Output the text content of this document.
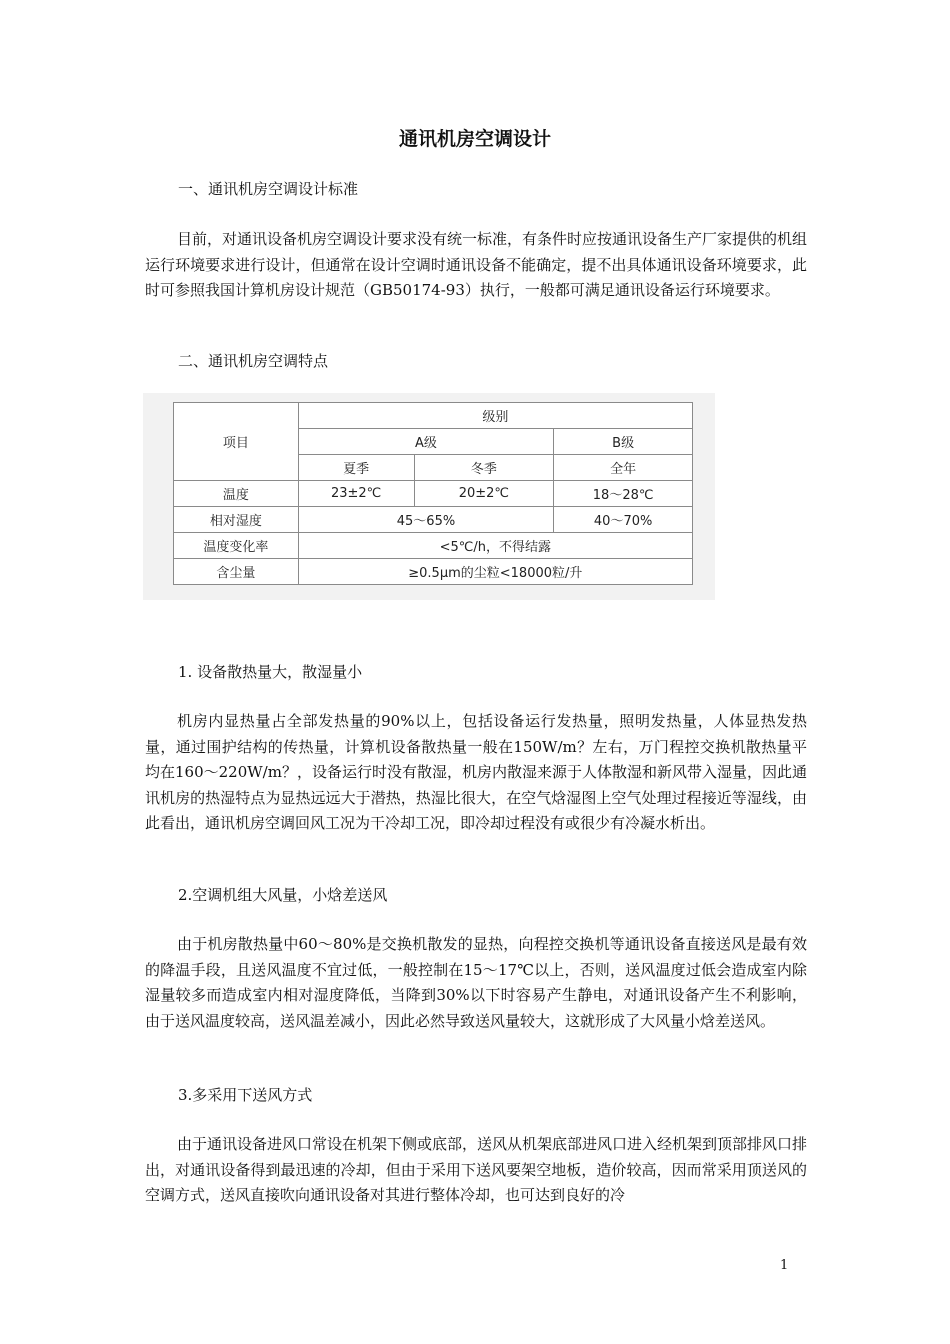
通讯机房空调设计
一、通讯机房空调设计标准
目前，对通讯设备机房空调设计要求没有统一标准，有条件时应按通讯设备生产厂家提供的机组运行环境要求进行设计，但通常在设计空调时通讯设备不能确定，提不出具体通讯设备环境要求，此时可参照我国计算机房设计规范（GB50174-93）执行，一般都可满足通讯设备运行环境要求。
二、通讯机房空调特点
项目	级别		
	A级		B级
	夏季	冬季	全年
温度	23±2℃	20±2℃	18～28℃
相对湿度	45～65%		40～70%
温度变化率	<5℃/h，不得结露		
含尘量	≥0.5μm的尘粒<18000粒/升		
1. 设备散热量大，散湿量小
机房内显热量占全部发热量的90%以上，包括设备运行发热量，照明发热量，人体显热发热量，通过围护结构的传热量，计算机设备散热量一般在150W/m？左右，万门程控交换机散热量平均在160～220W/m？，设备运行时没有散湿，机房内散湿来源于人体散湿和新风带入湿量，因此通讯机房的热湿特点为显热远远大于潜热，热湿比很大，在空气焓湿图上空气处理过程接近等湿线，由此看出，通讯机房空调回风工况为干冷却工况，即冷却过程没有或很少有冷凝水析出。
2.空调机组大风量，小焓差送风
由于机房散热量中60～80%是交换机散发的显热，向程控交换机等通讯设备直接送风是最有效的降温手段，且送风温度不宜过低，一般控制在15～17℃以上，否则，送风温度过低会造成室内除湿量较多而造成室内相对湿度降低，当降到30%以下时容易产生静电，对通讯设备产生不利影响，由于送风温度较高，送风温差减小，因此必然导致送风量较大，这就形成了大风量小焓差送风。
3.多采用下送风方式
由于通讯设备进风口常设在机架下侧或底部，送风从机架底部进风口进入经机架到顶部排风口排出，对通讯设备得到最迅速的冷却，但由于采用下送风要架空地板，造价较高，因而常采用顶送风的空调方式，送风直接吹向通讯设备对其进行整体冷却，也可达到良好的冷
1
